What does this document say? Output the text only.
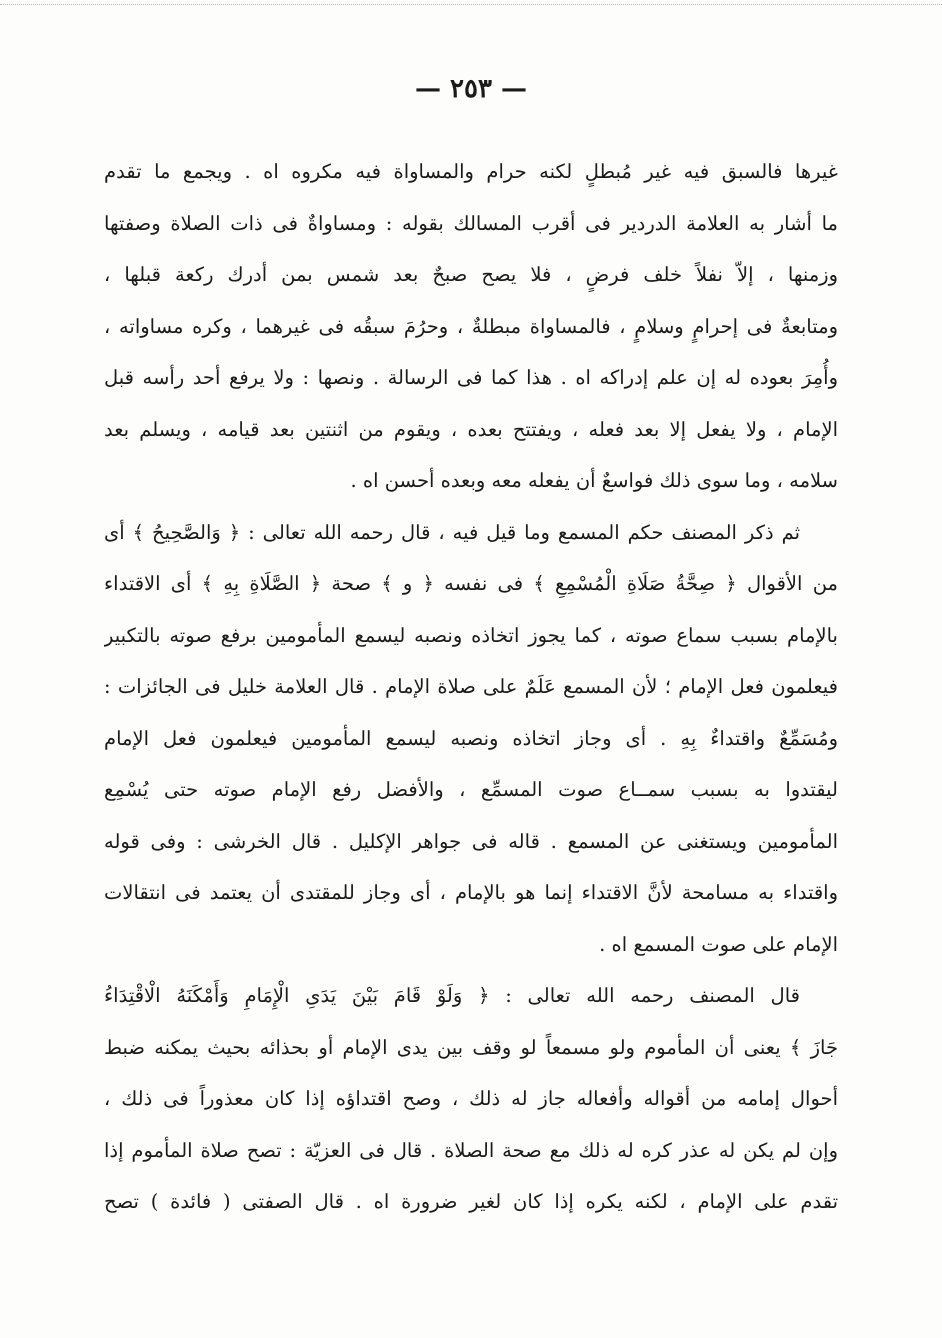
— ٢٥٣ —
غيرها فالسبق فيه غير مُبطلٍ لكنه حرام والمساواة فيه مكروه اه . ويجمع ما تقدم
ما أشار به العلامة الدردير فى أقرب المسالك بقوله : ومساواةٌ فى ذات الصلاة وصفتها
وزمنها ، إلاّ نفلاً خلف فرضٍ ، فلا يصح صبحٌ بعد شمس بمن أدرك ركعة قبلها ،
ومتابعةٌ فى إحرامٍ وسلامٍ ، فالمساواة مبطلةٌ ، وحرُمَ سبقُه فى غيرهما ، وكره مساواته ،
وأُمِرَ بعوده له إن علم إدراكه اه . هذا كما فى الرسالة . ونصها : ولا يرفع أحد رأسه قبل
الإمام ، ولا يفعل إلا بعد فعله ، ويفتتح بعده ، ويقوم من اثنتين بعد قيامه ، ويسلم بعد
سلامه ، وما سوى ذلك فواسعٌ أن يفعله معه وبعده أحسن اه .
ثم ذكر المصنف حكم المسمع وما قيل فيه ، قال رحمه الله تعالى : ﴿ وَالصَّحِيحُ ﴾ أى
من الأقوال ﴿ صِحَّةُ صَلَاةِ الْمُسْمِعِ ﴾ فى نفسه ﴿ و ﴾ صحة ﴿ الصَّلَاةِ بِهِ ﴾ أى الاقتداء
بالإمام بسبب سماع صوته ، كما يجوز اتخاذه ونصبه ليسمع المأمومين برفع صوته بالتكبير
فيعلمون فعل الإمام ؛ لأن المسمع عَلَمٌ على صلاة الإمام . قال العلامة خليل فى الجائزات :
ومُسَمِّعٌ واقتداءٌ بِهِ . أى وجاز اتخاذه ونصبه ليسمع المأمومين فيعلمون فعل الإمام
ليقتدوا به بسبب سمــاع صوت المسمِّع ، والأفضل رفع الإمام صوته حتى يُسْمِع
المأمومين ويستغنى عن المسمع . قاله فى جواهر الإكليل . قال الخرشى : وفى قوله
واقتداء به مسامحة لأنَّ الاقتداء إنما هو بالإمام ، أى وجاز للمقتدى أن يعتمد فى انتقالات
الإمام على صوت المسمع اه .
قال المصنف رحمه الله تعالى : ﴿ وَلَوْ قَامَ بَيْنَ يَدَىِ الْإِمَامِ وَأَمْكَنَهُ الْاقْتِدَاءُ
جَازَ ﴾ يعنى أن المأموم ولو مسمعاً لو وقف بين يدى الإمام أو بحذائه بحيث يمكنه ضبط
أحوال إمامه من أقواله وأفعاله جاز له ذلك ، وصح اقتداؤه إذا كان معذوراً فى ذلك ،
وإن لم يكن له عذر كره له ذلك مع صحة الصلاة . قال فى العزيّة : تصح صلاة المأموم إذا
تقدم على الإمام ، لكنه يكره إذا كان لغير ضرورة اه . قال الصفتى ( فائدة ) تصح
